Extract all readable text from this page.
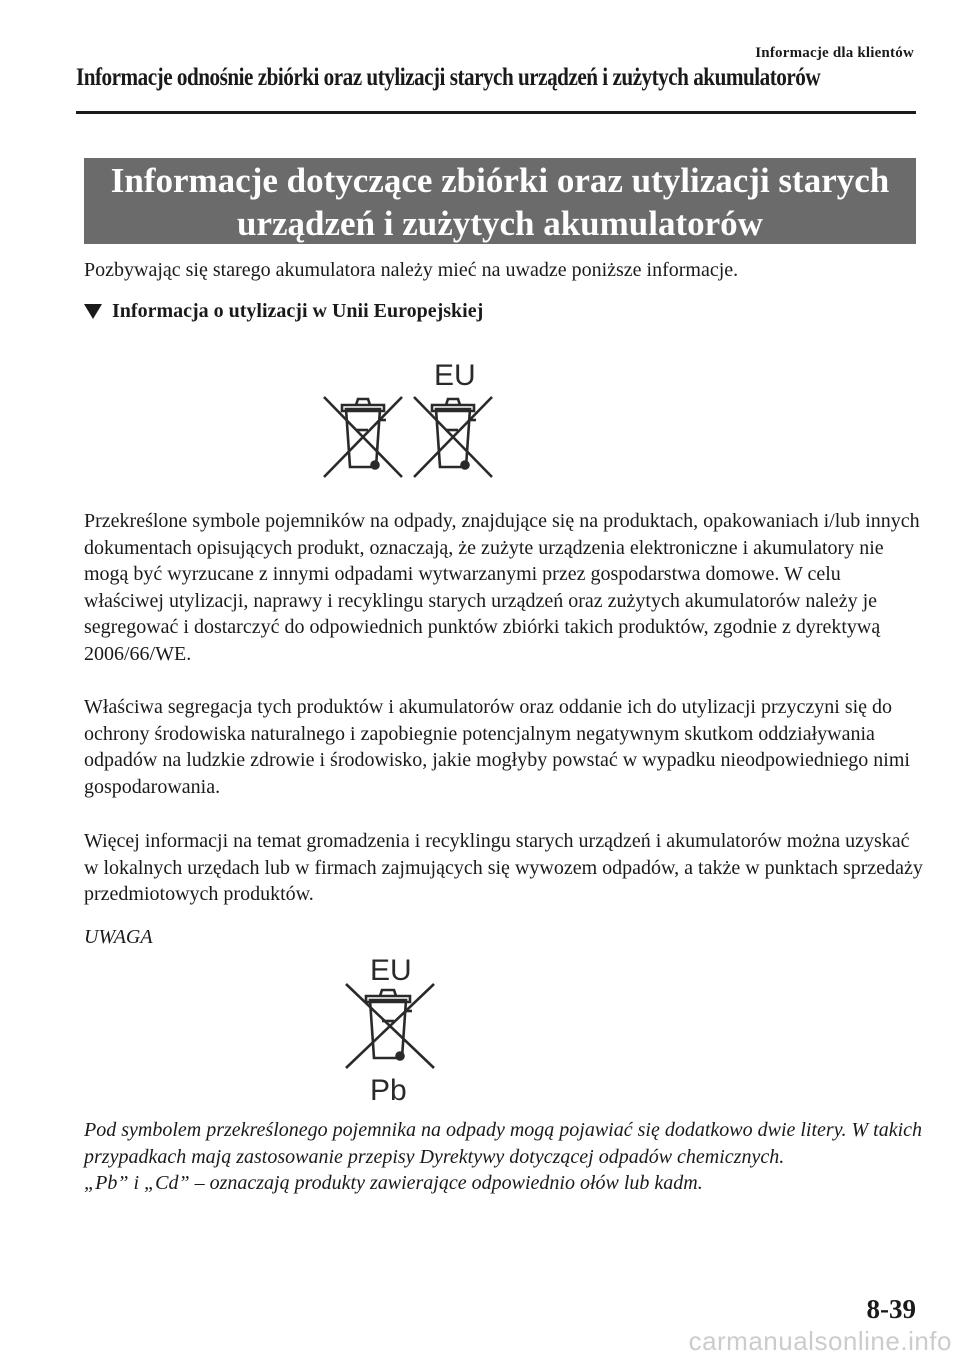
Informacje dla klientów
Informacje odnośnie zbiórki oraz utylizacji starych urządzeń i zużytych akumulatorów
Informacje dotyczące zbiórki oraz utylizacji starych
urządzeń i zużytych akumulatorów
Pozbywając się starego akumulatora należy mieć na uwadze poniższe informacje.
Informacja o utylizacji w Unii Europejskiej
EU
Przekreślone symbole pojemników na odpady, znajdujące się na produktach, opakowaniach i/lub innych dokumentach opisujących produkt, oznaczają, że zużyte urządzenia elektroniczne i akumulatory nie mogą być wyrzucane z innymi odpadami wytwarzanymi przez gospodarstwa domowe. W celu właściwej utylizacji, naprawy i recyklingu starych urządzeń oraz zużytych akumulatorów należy je segregować i dostarczyć do odpowiednich punktów zbiórki takich produktów, zgodnie z dyrektywą 2006/66/WE.
Właściwa segregacja tych produktów i akumulatorów oraz oddanie ich do utylizacji przyczyni się do ochrony środowiska naturalnego i zapobiegnie potencjalnym negatywnym skutkom oddziaływania odpadów na ludzkie zdrowie i środowisko, jakie mogłyby powstać w wypadku nieodpowiedniego nimi gospodarowania.
Więcej informacji na temat gromadzenia i recyklingu starych urządzeń i akumulatorów można uzyskać w lokalnych urzędach lub w firmach zajmujących się wywozem odpadów, a także w punktach sprzedaży przedmiotowych produktów.
UWAGA
EU
Pb
Pod symbolem przekreślonego pojemnika na odpady mogą pojawiać się dodatkowo dwie litery. W takich przypadkach mają zastosowanie przepisy Dyrektywy dotyczącej odpadów chemicznych.
„Pb” i „Cd” – oznaczają produkty zawierające odpowiednio ołów lub kadm.
8-39
carmanualsonline.info
